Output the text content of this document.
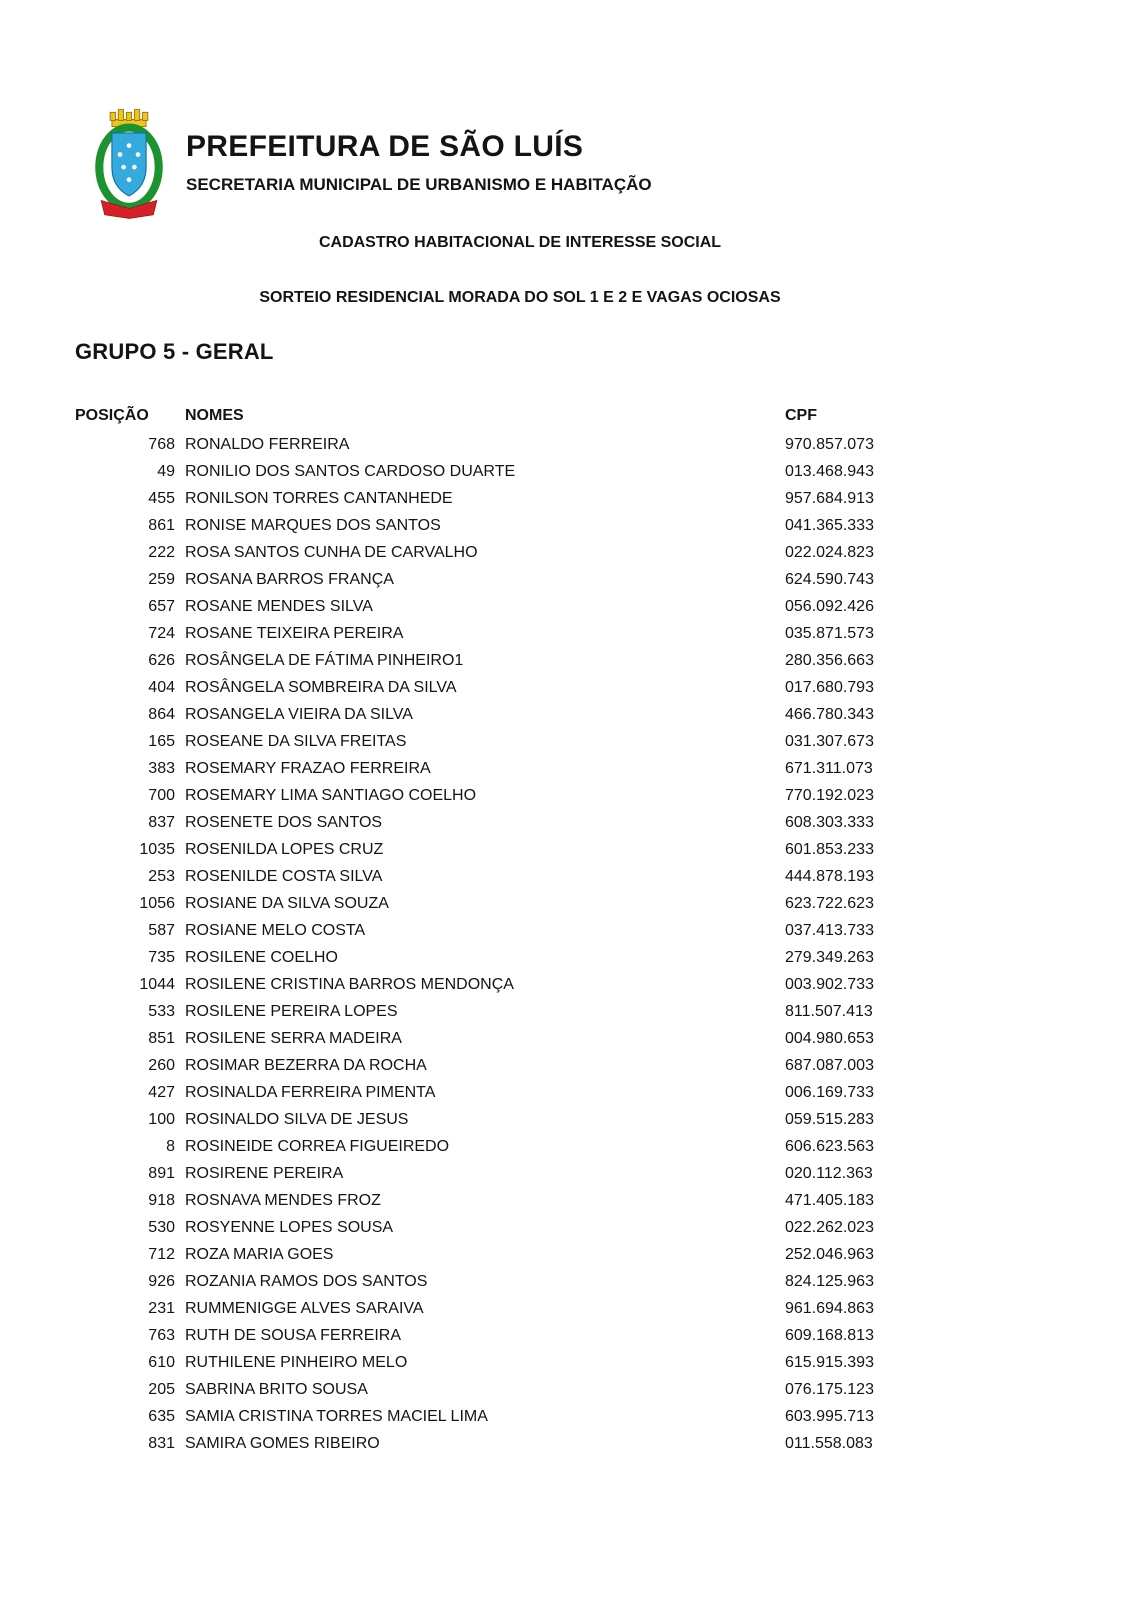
PREFEITURA DE SÃO LUÍS
SECRETARIA MUNICIPAL DE URBANISMO E HABITAÇÃO
CADASTRO HABITACIONAL DE INTERESSE SOCIAL
SORTEIO RESIDENCIAL MORADA DO SOL 1 E 2 E VAGAS OCIOSAS
GRUPO 5 - GERAL
POSIÇÃO	NOMES	CPF
768 RONALDO FERREIRA	970.857.073
49 RONILIO DOS SANTOS CARDOSO DUARTE	013.468.943
455 RONILSON TORRES CANTANHEDE	957.684.913
861 RONISE MARQUES DOS SANTOS	041.365.333
222 ROSA SANTOS CUNHA DE CARVALHO	022.024.823
259 ROSANA BARROS FRANÇA	624.590.743
657 ROSANE MENDES SILVA	056.092.426
724 ROSANE TEIXEIRA PEREIRA	035.871.573
626 ROSÂNGELA DE FÁTIMA PINHEIRO1	280.356.663
404 ROSÂNGELA SOMBREIRA DA SILVA	017.680.793
864 ROSANGELA VIEIRA DA SILVA	466.780.343
165 ROSEANE DA SILVA FREITAS	031.307.673
383 ROSEMARY FRAZAO FERREIRA	671.311.073
700 ROSEMARY LIMA SANTIAGO COELHO	770.192.023
837 ROSENETE DOS SANTOS	608.303.333
1035 ROSENILDA LOPES CRUZ	601.853.233
253 ROSENILDE COSTA SILVA	444.878.193
1056 ROSIANE DA SILVA SOUZA	623.722.623
587 ROSIANE MELO COSTA	037.413.733
735 ROSILENE COELHO	279.349.263
1044 ROSILENE CRISTINA BARROS MENDONÇA	003.902.733
533 ROSILENE PEREIRA LOPES	811.507.413
851 ROSILENE SERRA MADEIRA	004.980.653
260 ROSIMAR BEZERRA DA ROCHA	687.087.003
427 ROSINALDA FERREIRA PIMENTA	006.169.733
100 ROSINALDO SILVA DE JESUS	059.515.283
8 ROSINEIDE CORREA FIGUEIREDO	606.623.563
891 ROSIRENE PEREIRA	020.112.363
918 ROSNAVA MENDES FROZ	471.405.183
530 ROSYENNE LOPES SOUSA	022.262.023
712 ROZA MARIA GOES	252.046.963
926 ROZANIA RAMOS DOS SANTOS	824.125.963
231 RUMMENIGGE ALVES SARAIVA	961.694.863
763 RUTH DE SOUSA FERREIRA	609.168.813
610 RUTHILENE PINHEIRO MELO	615.915.393
205 SABRINA BRITO SOUSA	076.175.123
635 SAMIA CRISTINA TORRES MACIEL LIMA	603.995.713
831 SAMIRA GOMES RIBEIRO	011.558.083
